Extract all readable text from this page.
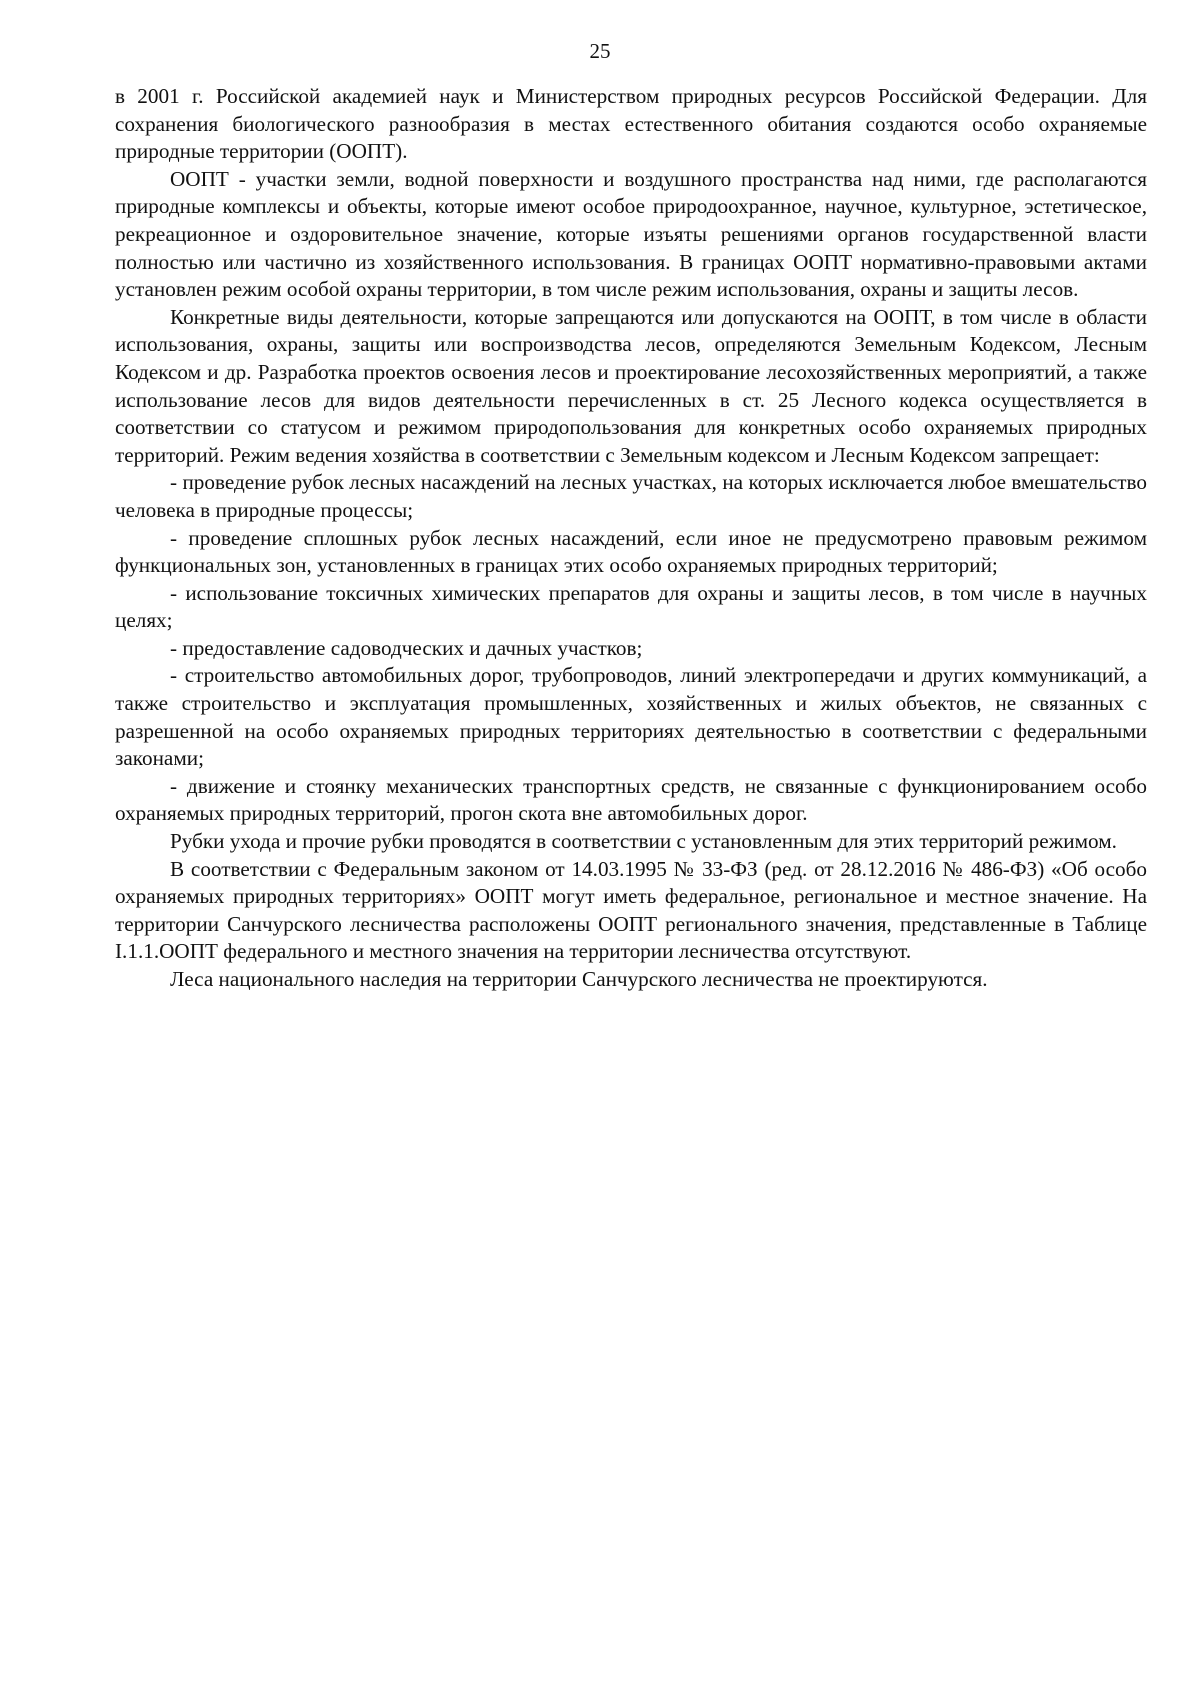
25

в 2001 г. Российской академией наук и Министерством природных ресурсов Российской Федерации. Для сохранения биологического разнообразия в местах естественного обитания создаются особо охраняемые природные территории (ООПТ).

ООПТ - участки земли, водной поверхности и воздушного пространства над ними, где располагаются природные комплексы и объекты, которые имеют особое природоохранное, научное, культурное, эстетическое, рекреационное и оздоровительное значение, которые изъяты решениями органов государственной власти полностью или частично из хозяйственного использования. В границах ООПТ нормативно-правовыми актами установлен режим особой охраны территории, в том числе режим использования, охраны и защиты лесов.

Конкретные виды деятельности, которые запрещаются или допускаются на ООПТ, в том числе в области использования, охраны, защиты или воспроизводства лесов, определяются Земельным Кодексом, Лесным Кодексом и др. Разработка проектов освоения лесов и проектирование лесохозяйственных мероприятий, а также использование лесов для видов деятельности перечисленных в ст. 25 Лесного кодекса осуществляется в соответствии со статусом и режимом природопользования для конкретных особо охраняемых природных территорий. Режим ведения хозяйства в соответствии с Земельным кодексом и Лесным Кодексом запрещает:

- проведение рубок лесных насаждений на лесных участках, на которых исключается любое вмешательство человека в природные процессы;

- проведение сплошных рубок лесных насаждений, если иное не предусмотрено правовым режимом функциональных зон, установленных в границах этих особо охраняемых природных территорий;

- использование токсичных химических препаратов для охраны и защиты лесов, в том числе в научных целях;

- предоставление садоводческих и дачных участков;

- строительство автомобильных дорог, трубопроводов, линий электропередачи и других коммуникаций, а также строительство и эксплуатация промышленных, хозяйственных и жилых объектов, не связанных с разрешенной на особо охраняемых природных территориях деятельностью в соответствии с федеральными законами;

- движение и стоянку механических транспортных средств, не связанные с функционированием особо охраняемых природных территорий, прогон скота вне автомобильных дорог.

Рубки ухода и прочие рубки проводятся в соответствии с установленным для этих территорий режимом.

В соответствии с Федеральным законом от 14.03.1995 № 33-ФЗ (ред. от 28.12.2016 № 486-ФЗ) «Об особо охраняемых природных территориях» ООПТ могут иметь федеральное, региональное и местное значение. На территории Санчурского лесничества расположены ООПТ регионального значения, представленные в Таблице I.1.1.ООПТ федерального и местного значения на территории лесничества отсутствуют.

Леса национального наследия на территории Санчурского лесничества не проектируются.
